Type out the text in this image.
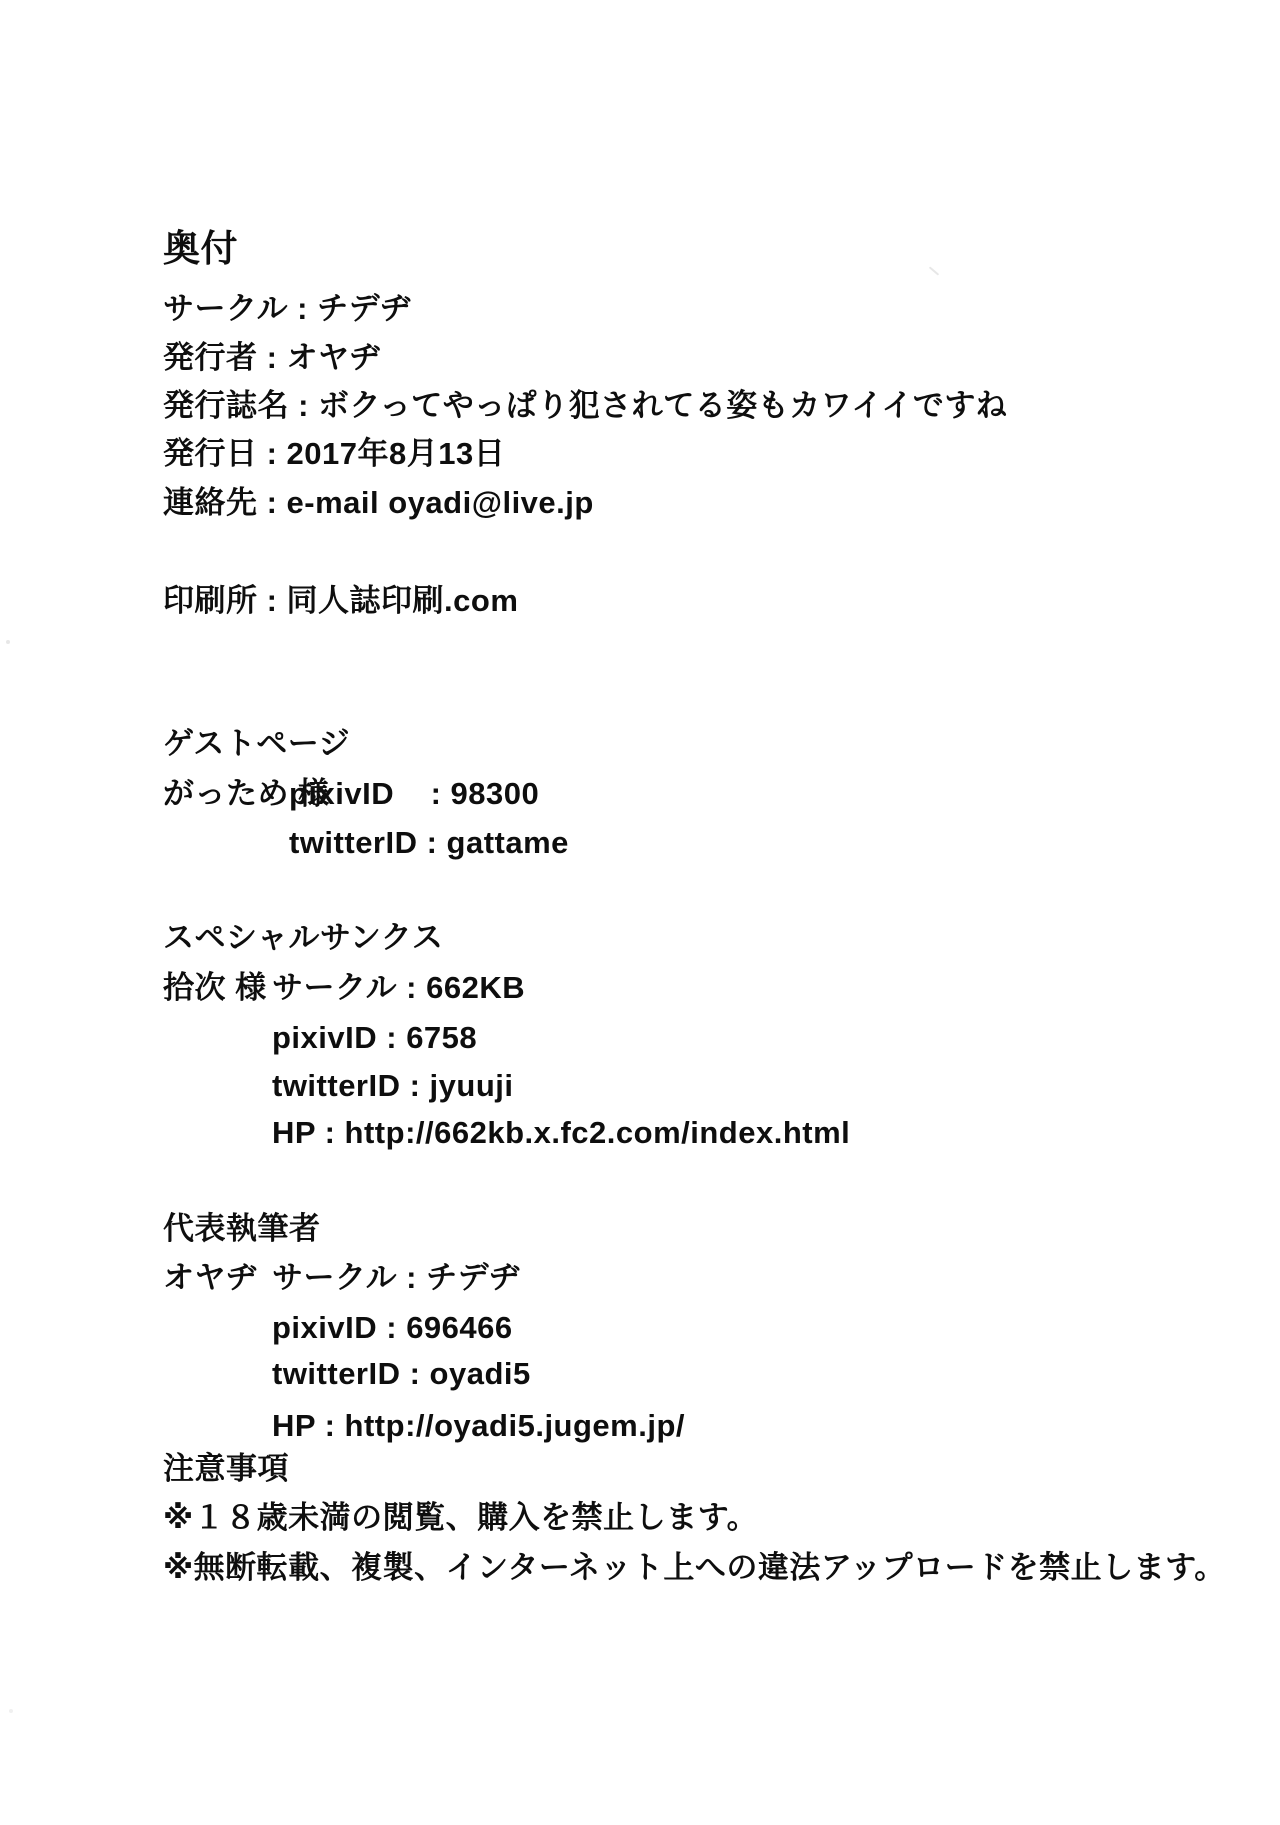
奥付
サークル : チデヂ
発行者 : オヤヂ
発行誌名 : ボクってやっぱり犯されてる姿もカワイイですね
発行日 : 2017年8月13日
連絡先 : e-mail oyadi@live.jp
印刷所 : 同人誌印刷.com
ゲストページ
がっため 様
pixivID    : 98300
twitterID : gattame
スペシャルサンクス
拾次 様 サークル : 662KB
pixivID : 6758
twitterID : jyuuji
HP : http://662kb.x.fc2.com/index.html
代表執筆者
オヤヂ サークル : チデヂ
pixivID : 696466
twitterID : oyadi5
HP : http://oyadi5.jugem.jp/
注意事項
※１８歳未満の閲覧、購入を禁止します。
※無断転載、複製、インターネット上への違法アップロードを禁止します。
